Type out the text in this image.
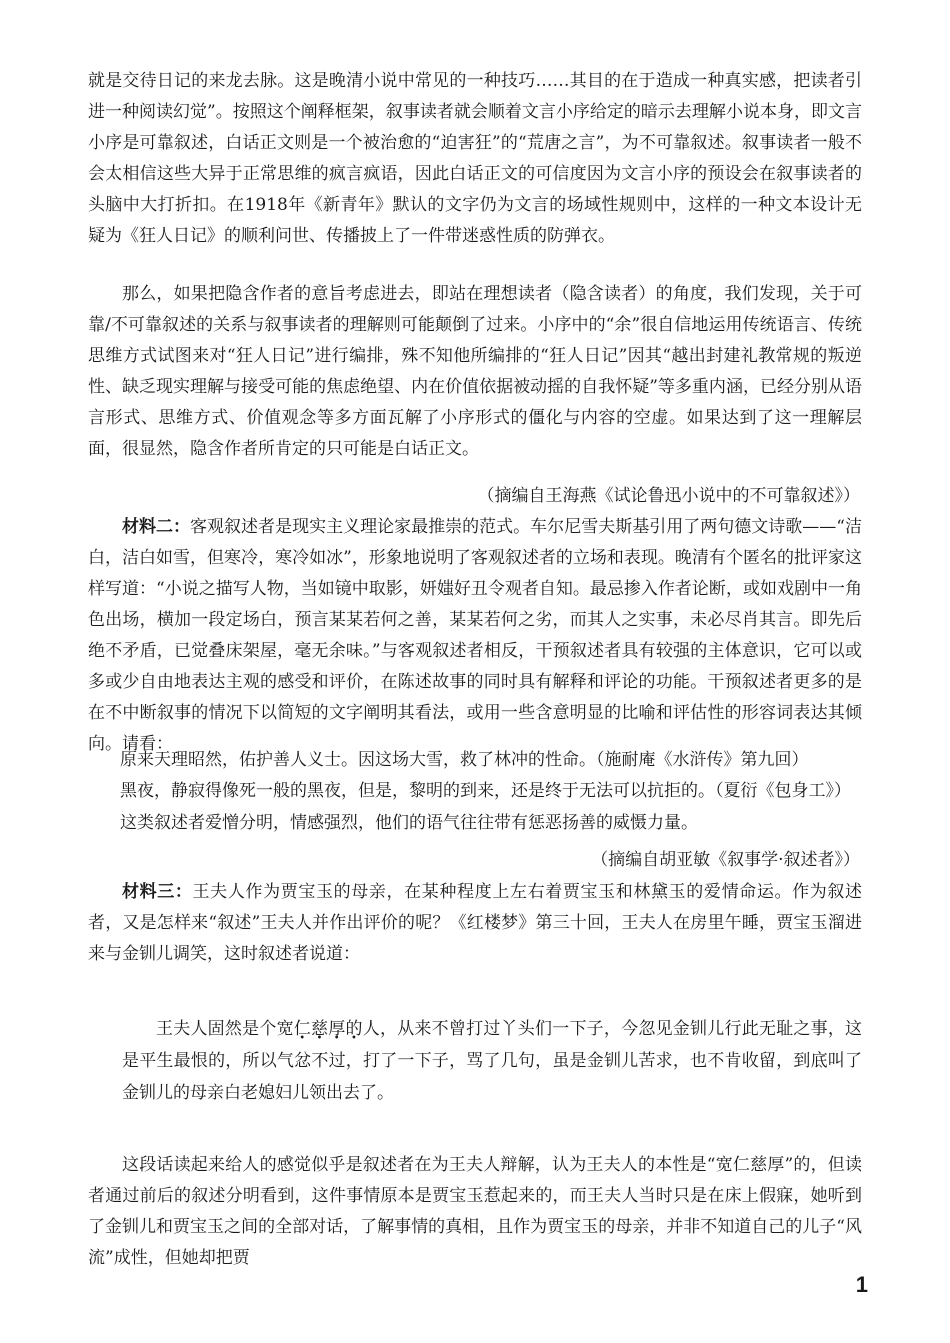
就是交待日记的来龙去脉。这是晚清小说中常见的一种技巧……其目的在于造成一种真实感，把读者引进一种阅读幻觉”。按照这个阐释框架，叙事读者就会顺着文言小序给定的暗示去理解小说本身，即文言小序是可靠叙述，白话正文则是一个被治愈的“迫害狂”的“荒唐之言”，为不可靠叙述。叙事读者一般不会太相信这些大异于正常思维的疯言疯语，因此白话正文的可信度因为文言小序的预设会在叙事读者的头脑中大打折扣。在1918年《新青年》默认的文字仍为文言的场域性规则中，这样的一种文本设计无疑为《狂人日记》的顺利问世、传播披上了一件带迷惑性质的防弹衣。

那么，如果把隐含作者的意旨考虑进去，即站在理想读者（隐含读者）的角度，我们发现，关于可靠/不可靠叙述的关系与叙事读者的理解则可能颠倒了过来。小序中的“余”很自信地运用传统语言、传统思维方式试图来对“狂人日记”进行编排，殊不知他所编排的“狂人日记”因其“越出封建礼教常规的叛逆性、缺乏现实理解与接受可能的焦虑绝望、内在价值依据被动摇的自我怀疑”等多重内涵，已经分别从语言形式、思维方式、价值观念等多方面瓦解了小序形式的僵化与内容的空虚。如果达到了这一理解层面，很显然，隐含作者所肯定的只可能是白话正文。

（摘编自王海燕《试论鲁迅小说中的不可靠叙述》）

材料二：客观叙述者是现实主义理论家最推崇的范式。车尔尼雪夫斯基引用了两句德文诗歌——“洁白，洁白如雪，但寒冷，寒冷如冰”，形象地说明了客观叙述者的立场和表现。晚清有个匿名的批评家这样写道：“小说之描写人物，当如镜中取影，妍媸好丑令观者自知。最忌掺入作者论断，或如戏剧中一角色出场，横加一段定场白，预言某某若何之善，某某若何之劣，而其人之实事，未必尽肖其言。即先后绝不矛盾，已觉叠床架屋，毫无余味。”与客观叙述者相反，干预叙述者具有较强的主体意识，它可以或多或少自由地表达主观的感受和评价，在陈述故事的同时具有解释和评论的功能。干预叙述者更多的是在不中断叙事的情况下以简短的文字阐明其看法，或用一些含意明显的比喻和评估性的形容词表达其倾向。请看：

原来天理昭然，佑护善人义士。因这场大雪，救了林冲的性命。（施耐庵《水浒传》第九回）

黑夜，静寂得像死一般的黑夜，但是，黎明的到来，还是终于无法可以抗拒的。（夏衍《包身工》）

这类叙述者爱憎分明，情感强烈，他们的语气往往带有惩恶扬善的威慑力量。

（摘编自胡亚敏《叙事学·叙述者》）

材料三：王夫人作为贾宝玉的母亲，在某种程度上左右着贾宝玉和林黛玉的爱情命运。作为叙述者，又是怎样来“叙述”王夫人并作出评价的呢？《红楼梦》第三十回，王夫人在房里午睡，贾宝玉溜进来与金钏儿调笑，这时叙述者说道：

王夫人固然是个宽仁慈厚的人，从来不曾打过丫头们一下子，今忽见金钏儿行此无耻之事，这是平生最恨的，所以气忿不过，打了一下子，骂了几句，虽是金钏儿苦求，也不肯收留，到底叫了金钏儿的母亲白老媳妇儿领出去了。

这段话读起来给人的感觉似乎是叙述者在为王夫人辩解，认为王夫人的本性是“宽仁慈厚”的，但读者通过前后的叙述分明看到，这件事情原本是贾宝玉惹起来的，而王夫人当时只是在床上假寐，她听到了金钏儿和贾宝玉之间的全部对话，了解事情的真相，且作为贾宝玉的母亲，并非不知道自己的儿子“风流”成性，但她却把贾

1
